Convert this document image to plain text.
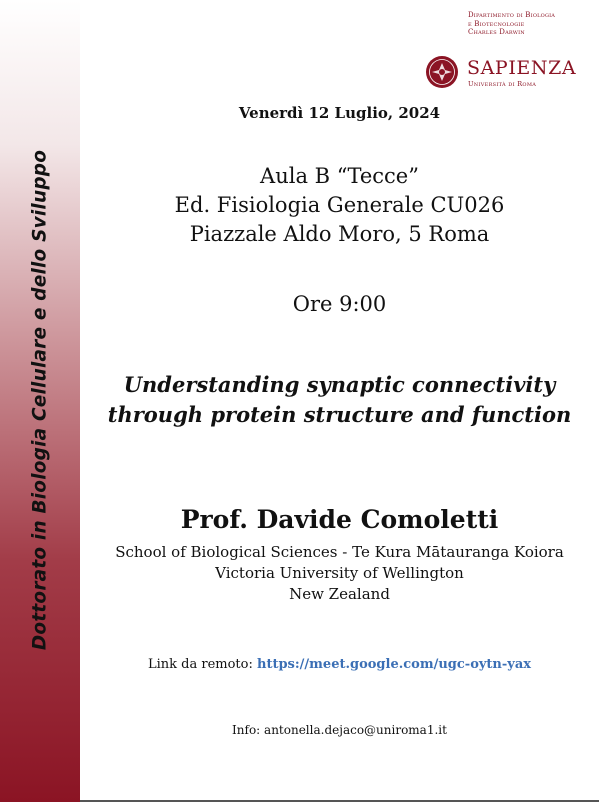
Dottorato in Biologia Cellulare e dello Sviluppo
Dipartimento di Biologia
e Biotecnologie
Charles Darwin
SAPIENZA
Università di Roma
Venerdì 12 Luglio, 2024
Aula B “Tecce”
Ed. Fisiologia Generale CU026
Piazzale Aldo Moro, 5 Roma
Ore 9:00
Understanding synaptic connectivity
through protein structure and function
Prof. Davide Comoletti
School of Biological Sciences - Te Kura Mātauranga Koiora
Victoria University of Wellington
New Zealand
Link da remoto: https://meet.google.com/ugc-oytn-yax
Info: antonella.dejaco@uniroma1.it
